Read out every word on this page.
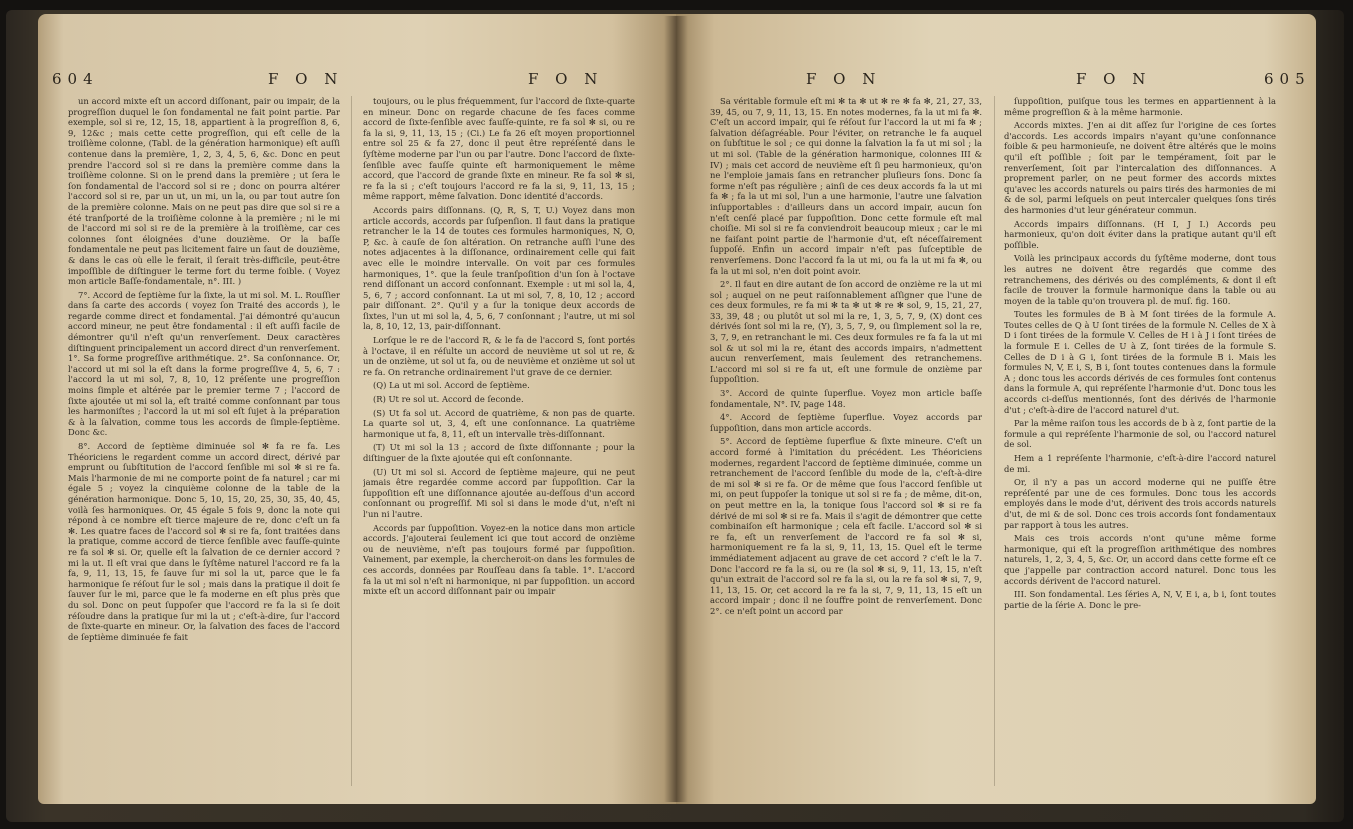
604	F O N	F O N

un accord mixte eſt un accord diſſonant, pair ou impair, de la progreſſion duquel le ſon fondamental ne fait point partie. Par exemple, sol si re, 12, 15, 18, appartient à la progreſſion 8, 6, 9, 12&c ; mais cette cette progreſſion, qui eſt celle de la troiſième colonne, (Tabl. de la génération harmonique) eſt auſſi contenue dans la première, 1, 2, 3, 4, 5, 6, &c. Donc en peut prendre l'accord sol si re dans la première comme dans la troiſième colonne. Si on le prend dans la première ; ut ſera le ſon fondamental de l'accord sol si re ; donc on pourra altérer l'accord sol si re, par un ut, un mi, un la, ou par tout autre ſon de la première colonne. Mais on ne peut pas dire que sol si re a été tranſporté de la troiſième colonne à la première ; ni le mi de l'accord mi sol si re de la première à la troiſième, car ces colonnes ſont éloignées d'une douzième. Or la baſſe fondamentale ne peut pas licitement faire un ſaut de douzième, & dans le cas où elle le ferait, il ſerait très-difficile, peut-être impoſſible de diſtinguer le terme fort du terme foible. ( Voyez mon article Baſſe-fondamentale, n°. III. )

7°. Accord de ſeptième ſur la ſixte, la ut mi sol. M. L. Rouſſier dans ſa carte des accords ( voyez ſon Traité des accords ), le regarde comme direct et fondamental. J'ai démontré qu'aucun accord mineur, ne peut être fondamental : il eſt auſſi facile de démontrer qu'il n'eſt qu'un renverſement. Deux caractères diſtinguent principalement un accord direct d'un renverſement. 1°. Sa forme progreſſive arithmétique. 2°. Sa conſonnance. Or, l'accord ut mi sol la eſt dans la forme progreſſive 4, 5, 6, 7 : l'accord la ut mi sol, 7, 8, 10, 12 préſente une progreſſion moins ſimple et altérée par le premier terme 7 ; l'accord de ſixte ajoutée ut mi sol la, eſt traité comme conſonnant par tous les harmoniſtes ; l'accord la ut mi sol eſt ſujet à la préparation & à la ſalvation, comme tous les accords de ſimple-ſeptième. Donc &c.

8°. Accord de ſeptième diminuée sol ✻ fa re fa. Les Théoriciens le regardent comme un accord direct, dérivé par emprunt ou ſubſtitution de l'accord ſenſible mi sol ✻ si re fa. Mais l'harmonie de mi ne comporte point de fa naturel ; car mi égale 5 ; voyez la cinquième colonne de la table de la génération harmonique. Donc 5, 10, 15, 20, 25, 30, 35, 40, 45, voilà ſes harmoniques. Or, 45 égale 5 fois 9, donc la note qui répond à ce nombre eſt tierce majeure de re, donc c'eſt un fa ✻. Les quatre faces de l'accord sol ✻ si re fa, ſont traitées dans la pratique, comme accord de tierce ſenſible avec fauſſe-quinte re fa sol ✻ si. Or, quelle eſt la ſalvation de ce dernier accord ? mi la ut. Il eſt vrai que dans le ſyſtême naturel l'accord re fa la fa, 9, 11, 13, 15, fe ſauve ſur mi sol la ut, parce que le fa harmonique ſe réſout ſur le sol ; mais dans la pratique il doit ſe ſauver ſur le mi, parce que le fa moderne en eſt plus près que du sol. Donc on peut ſuppoſer que l'accord re fa la si ſe doit réſoudre dans la pratique ſur mi la ut ; c'eſt-à-dire, ſur l'accord de ſixte-quarte en mineur. Or, la ſalvation des faces de l'accord de ſeptième diminuée fe fait

toujours, ou le plus fréquemment, ſur l'accord de ſixte-quarte en mineur. Donc on regarde chacune de ſes faces comme accord de ſixte-ſenſible avec fauſſe-quinte, re fa sol ✻ si, ou re fa la si, 9, 11, 13, 15 ; (Ci.) Le fa 26 eſt moyen proportionnel entre sol 25 & fa 27, donc il peut être repréſenté dans le ſyſtème moderne par l'un ou par l'autre. Donc l'accord de ſixte-ſenſible avec fauſſe quinte eſt harmoniquement le même accord, que l'accord de grande ſixte en mineur. Re fa sol ✻ si, re fa la si ; c'eſt toujours l'accord re fa la si, 9, 11, 13, 15 ; même rapport, même ſalvation. Donc identité d'accords.

Accords pairs diſſonnans. (Q, R, S, T, U.) Voyez dans mon article accords, accords par ſuſpenſion. Il faut dans la pratique retrancher le la 14 de toutes ces formules harmoniques, N, O, P, &c. à cauſe de ſon altération. On retranche auſſi l'une des notes adjacentes à la diſſonance, ordinairement celle qui fait avec elle le moindre intervalle. On voit par ces formules harmoniques, 1°. que la ſeule tranſpoſition d'un ſon à l'octave rend diſſonant un accord conſonnant. Exemple : ut mi sol la, 4, 5, 6, 7 ; accord conſonnant. La ut mi sol, 7, 8, 10, 12 ; accord pair diſſonant. 2°. Qu'il y a ſur la tonique deux accords de ſixtes, l'un ut mi sol la, 4, 5, 6, 7 conſonnant ; l'autre, ut mi sol la, 8, 10, 12, 13, pair-diſſonnant.

Lorſque le re de l'accord R, & le fa de l'accord S, ſont portés à l'octave, il en réſulte un accord de neuvième ut sol ut re, & un de onzième, ut sol ut fa, ou de neuvième et onzième ut sol ut re fa. On retranche ordinairement l'ut grave de ce dernier.

(Q) La ut mi sol. Accord de ſeptième.

(R) Ut re sol ut. Accord de ſeconde.

(S) Ut fa sol ut. Accord de quatrième, & non pas de quarte. La quarte sol ut, 3, 4, eſt une conſonnance. La quatrième harmonique ut fa, 8, 11, eſt un intervalle très-diſſonnant.

(T) Ut mi sol la 13 ; accord de ſixte diſſonnante ; pour la diſtinguer de la ſixte ajoutée qui eſt conſonnante.

(U) Ut mi sol si. Accord de ſeptième majeure, qui ne peut jamais être regardée comme accord par ſuppoſition. Car la ſuppoſition eſt une diſſonnance ajoutée au-deſſous d'un accord conſonnant ou progreſſif. Mi sol si dans le mode d'ut, n'eſt ni l'un ni l'autre.

Accords par ſuppoſition. Voyez-en la notice dans mon article accords. J'ajouterai ſeulement ici que tout accord de onzième ou de neuvième, n'eſt pas toujours formé par ſuppoſition. Vainement, par exemple, la chercheroit-on dans les formules de ces accords, données par Rouſſeau dans ſa table. 1°. L'accord fa la ut mi sol n'eſt ni harmonique, ni par ſuppoſition. un accord mixte eſt un accord diſſonnant pair ou impair

F O N	F O N	605

Sa véritable formule eſt mi ✻ ta ✻ ut ✻ re ✻ fa ✻, 21, 27, 33, 39, 45, ou 7, 9, 11, 13, 15. En notes modernes, fa la ut mi fa ✻. C'eſt un accord impair, qui ſe réſout ſur l'accord la ut mi fa ✻ ; ſalvation déſagréable. Pour l'éviter, on retranche le fa auquel on ſubſtitue le sol ; ce qui donne la ſalvation la fa ut mi sol ; la ut mi sol. (Table de la génération harmonique, colonnes III & IV) ; mais cet accord de neuvième eſt ſi peu harmonieux, qu'on ne l'emploie jamais ſans en retrancher pluſieurs ſons. Donc ſa forme n'eſt pas régulière ; ainſi de ces deux accords fa la ut mi fa ✻ ; fa la ut mi sol, l'un a une harmonie, l'autre une ſalvation inſupportables : d'ailleurs dans un accord impair, aucun ſon n'eſt cenſé placé par ſuppoſition. Donc cette formule eſt mal choiſie. Mi sol si re fa conviendroit beaucoup mieux ; car le mi ne faiſant point partie de l'harmonie d'ut, eſt néceſſairement ſuppoſé. Enfin un accord impair n'eſt pas ſuſceptible de renverſemens. Donc l'accord fa la ut mi, ou fa la ut mi fa ✻, ou fa la ut mi sol, n'en doit point avoir.

2°. Il faut en dire autant de ſon accord de onzième re la ut mi sol ; auquel on ne peut raiſonnablement aſſigner que l'une de ces deux formules, re fa mi ✻ ta ✻ ut ✻ re ✻ sol, 9, 15, 21, 27, 33, 39, 48 ; ou plutôt ut sol mi la re, 1, 3, 5, 7, 9, (X) dont ces dérivés ſont sol mi la re, (Y), 3, 5, 7, 9, ou ſimplement sol la re, 3, 7, 9, en retranchant le mi. Ces deux formules re fa fa la ut mi sol & ut sol mi la re, étant des accords impairs, n'admettent aucun renverſement, mais ſeulement des retranchemens. L'accord mi sol si re fa ut, eſt une formule de onzième par ſuppoſition.

3°. Accord de quinte ſuperflue. Voyez mon article baſſe fondamentale, N°. IV, page 148.

4°. Accord de ſeptième ſuperflue. Voyez accords par ſuppoſition, dans mon article accords.

5°. Accord de ſeptième ſuperflue & ſixte mineure. C'eſt un accord formé à l'imitation du précédent. Les Théoriciens modernes, regardent l'accord de ſeptième diminuée, comme un retranchement de l'accord ſenſible du mode de la, c'eſt-à-dire de mi sol ✻ si re fa. Or de même que ſous l'accord ſenſible ut mi, on peut ſuppoſer la tonique ut sol si re fa ; de même, dit-on, on peut mettre en la, la tonique ſous l'accord sol ✻ si re fa dérivé de mi sol ✻ si re fa. Mais il s'agit de démontrer que cette combinaiſon eſt harmonique ; cela eſt facile. L'accord sol ✻ si re fa, eſt un renverſement de l'accord re fa sol ✻ si, harmoniquement re fa la si, 9, 11, 13, 15. Quel eſt le terme immédiatement adjacent au grave de cet accord ? c'eſt le la 7. Donc l'accord re fa la si, ou re (la sol ✻ si, 9, 11, 13, 15, n'eſt qu'un extrait de l'accord sol re fa la si, ou la re fa sol ✻ si, 7, 9, 11, 13, 15. Or, cet accord la re fa la si, 7, 9, 11, 13, 15 eſt un accord impair ; donc il ne ſouffre point de renverſement. Donc 2°. ce n'eſt point un accord par

ſuppoſition, puiſque tous les termes en appartiennent à la même progreſſion & à la même harmonie.

Accords mixtes. J'en ai dit aſſez ſur l'origine de ces ſortes d'accords. Les accords impairs n'ayant qu'une conſonnance foible & peu harmonieuſe, ne doivent être altérés que le moins qu'il eſt poſſible ; ſoit par le tempérament, ſoit par le renverſement, ſoit par l'intercalation des diſſonnances. A proprement parler, on ne peut former des accords mixtes qu'avec les accords naturels ou pairs tirés des harmonies de mi & de sol, parmi leſquels on peut intercaler quelques ſons tirés des harmonies d'ut leur générateur commun.

Accords impairs diſſonnans. (H I, J I.) Accords peu harmonieux, qu'on doit éviter dans la pratique autant qu'il eſt poſſible.

Voilà les principaux accords du ſyſtême moderne, dont tous les autres ne doivent être regardés que comme des retranchemens, des dérivés ou des compléments, & dont il eſt facile de trouver la formule harmonique dans la table ou au moyen de la table qu'on trouvera pl. de muſ. fig. 160.

Toutes les formules de B à M ſont tirées de la formule A. Toutes celles de Q à U ſont tirées de la formule N. Celles de X à D i ſont tirées de la formule V. Celles de H i à J i ſont tirées de la formule E i. Celles de U à Z, ſont tirées de la formule S. Celles de D i à G i, ſont tirées de la formule B i. Mais les formules N, V, E i, S, B i, ſont toutes contenues dans la formule A ; donc tous les accords dérivés de ces formules ſont contenus dans la formule A, qui repréſente l'harmonie d'ut. Donc tous les accords ci-deſſus mentionnés, ſont des dérivés de l'harmonie d'ut ; c'eſt-à-dire de l'accord naturel d'ut.

Par la même raiſon tous les accords de b à z, ſont partie de la formule a qui repréſente l'harmonie de sol, ou l'accord naturel de sol.

Hem a 1 repréſente l'harmonie, c'eſt-à-dire l'accord naturel de mi.

Or, il n'y a pas un accord moderne qui ne puiſſe être repréſenté par une de ces formules. Donc tous les accords employés dans le mode d'ut, dérivent des trois accords naturels d'ut, de mi & de sol. Donc ces trois accords ſont fondamentaux par rapport à tous les autres.

Mais ces trois accords n'ont qu'une même forme harmonique, qui eſt la progreſſion arithmétique des nombres naturels, 1, 2, 3, 4, 5, &c. Or, un accord dans cette forme eſt ce que j'appelle par contraction accord naturel. Donc tous les accords dérivent de l'accord naturel.

III. Son fondamental. Les ſéries A, N, V, E i, a, b i, ſont toutes partie de la ſérie A. Donc le pre-
